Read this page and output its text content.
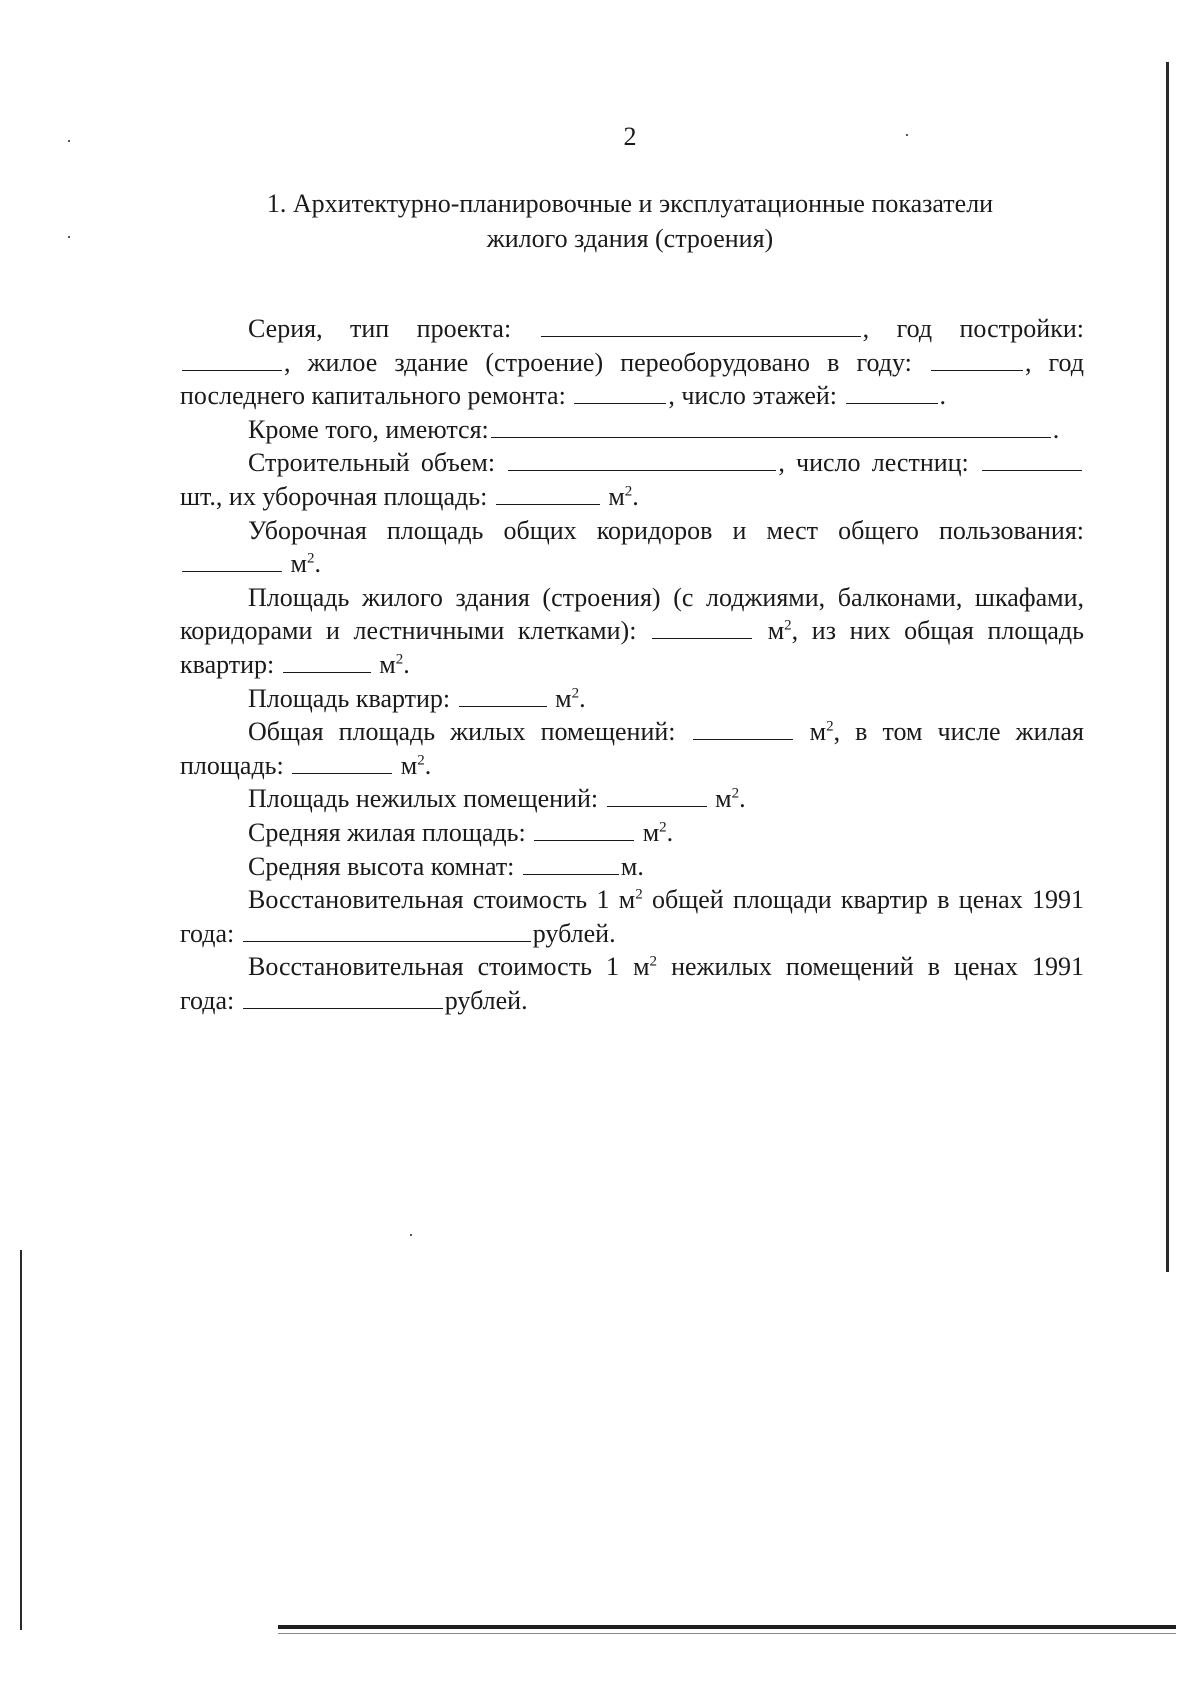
2
1. Архитектурно-планировочные и эксплуатационные показатели
жилого здания (строения)

Серия, тип проекта:	, год постройки: , жилое здание (строение) переоборудовано в году:	, год последнего капитального ремонта:	, число этажей:	.

Кроме того, имеются:	.

Строительный объем:	, число лестниц: шт., их уборочная площадь:	$м^2$.

Уборочная площадь общих коридоров и мест общего пользования:  $м^2$.

Площадь жилого здания (строения) (с лоджиями, балконами, шкафами, коридорами и лестничными клетками):	$м^2$, из них общая площадь квартир:	$м^2$.

Площадь квартир:	$м^2$.

Общая площадь жилых помещений:	$м^2$, в том числе жилая площадь:	$м^2$.

Площадь нежилых помещений:	$м^2$.

Средняя жилая площадь:	$м^2$.

Средняя высота комнат:	м.

Восстановительная стоимость 1 $м^2$ общей площади квартир в ценах 1991 года:	рублей.

Восстановительная стоимость 1 $м^2$ нежилых помещений в ценах 1991 года:	рублей.
